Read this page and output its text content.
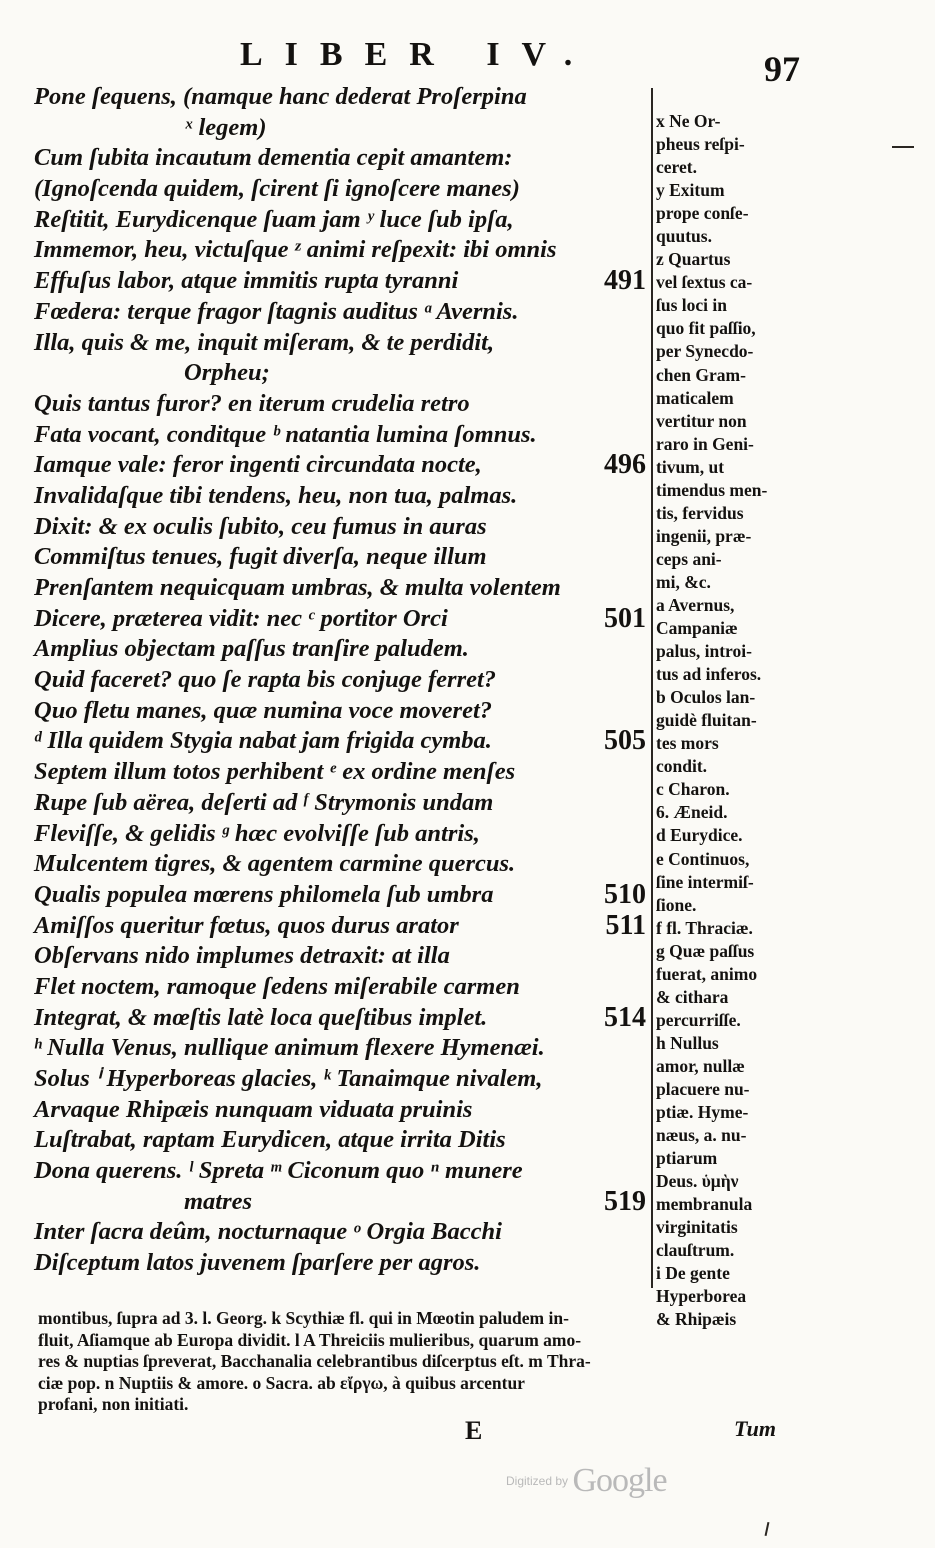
LIBER IV.	97
Pone ſequens, (namque hanc dederat Proſerpina
ˣ legem)
Cum ſubita incautum dementia cepit amantem:
(Ignoſcenda quidem, ſcirent ſi ignoſcere manes)
Reſtitit, Eurydicenque ſuam jam ʸ luce ſub ipſa,
Immemor, heu, victuſque ᶻ animi reſpexit: ibi omnis
Effuſus labor, atque immitis rupta tyranni	491
Fœdera: terque fragor ſtagnis auditus ᵃ Avernis.
Illa, quis & me, inquit miſeram, & te perdidit,
Orpheu;
Quis tantus furor? en iterum crudelia retro
Fata vocant, conditque ᵇ natantia lumina ſomnus.
Iamque vale: feror ingenti circundata nocte,	496
Invalidaſque tibi tendens, heu, non tua, palmas.
Dixit: & ex oculis ſubito, ceu fumus in auras
Commiſtus tenues, fugit diverſa, neque illum
Prenſantem nequicquam umbras, & multa volentem
Dicere, præterea vidit: nec ᶜ portitor Orci	501
Amplius objectam paſſus tranſire paludem.
Quid faceret? quo ſe rapta bis conjuge ferret?
Quo fletu manes, quæ numina voce moveret?
ᵈ Illa quidem Stygia nabat jam frigida cymba.	505
Septem illum totos perhibent ᵉ ex ordine menſes
Rupe ſub aërea, deſerti ad ᶠ Strymonis undam
Fleviſſe, & gelidis ᵍ hæc evolviſſe ſub antris,
Mulcentem tigres, & agentem carmine quercus.
Qualis populea mœrens philomela ſub umbra	510
Amiſſos queritur fœtus, quos durus arator	511
Obſervans nido implumes detraxit: at illa
Flet noctem, ramoque ſedens miſerabile carmen
Integrat, & mœſtis latè loca queſtibus implet.	514
ʰ Nulla Venus, nullique animum flexere Hymenæi.
Solus ⁱ Hyperboreas glacies, ᵏ Tanaimque nivalem,
Arvaque Rhipæis nunquam viduata pruinis
Luſtrabat, raptam Eurydicen, atque irrita Ditis
Dona querens. ˡ Spreta ᵐ Ciconum quo ⁿ munere
matres	519
Inter ſacra deûm, nocturnaque ᵒ Orgia Bacchi
Diſceptum latos juvenem ſparſere per agros.
x Ne Or-
pheus reſpi-
ceret.
y Exitum
prope conſe-
quutus.
z Quartus
vel ſextus ca-
ſus loci in
quo fit paſſio,
per Synecdo-
chen Gram-
maticalem
vertitur non
raro in Geni-
tivum, ut
timendus men-
tis, fervidus
ingenii, præ-
ceps ani-
mi, &c.
a Avernus,
Campaniæ
palus, introi-
tus ad inferos.
b Oculos lan-
guidè fluitan-
tes mors
condit.
c Charon.
6. Æneid.
d Eurydice.
e Continuos,
ſine intermiſ-
ſione.
f fl. Thraciæ.
g Quæ paſſus
fuerat, animo
& cithara
percurriſſe.
h Nullus
amor, nullæ
placuere nu-
ptiæ. Hyme-
næus, a. nu-
ptiarum
Deus. ὑμὴν
membranula
virginitatis
clauſtrum.
i De gente
Hyperborea
& Rhipæis
montibus, ſupra ad 3. l. Georg. k Scythiæ fl. qui in Mœotin paludem in-
fluit, Aſiamque ab Europa dividit. l A Threiciis mulieribus, quarum amo-
res & nuptias ſpreverat, Bacchanalia celebrantibus diſcerptus eſt. m Thra-
ciæ pop. n Nuptiis & amore. o Sacra. ab εἴργω, à quibus arcentur
profani, non initiati.
E	Tum
Digitized by Google
